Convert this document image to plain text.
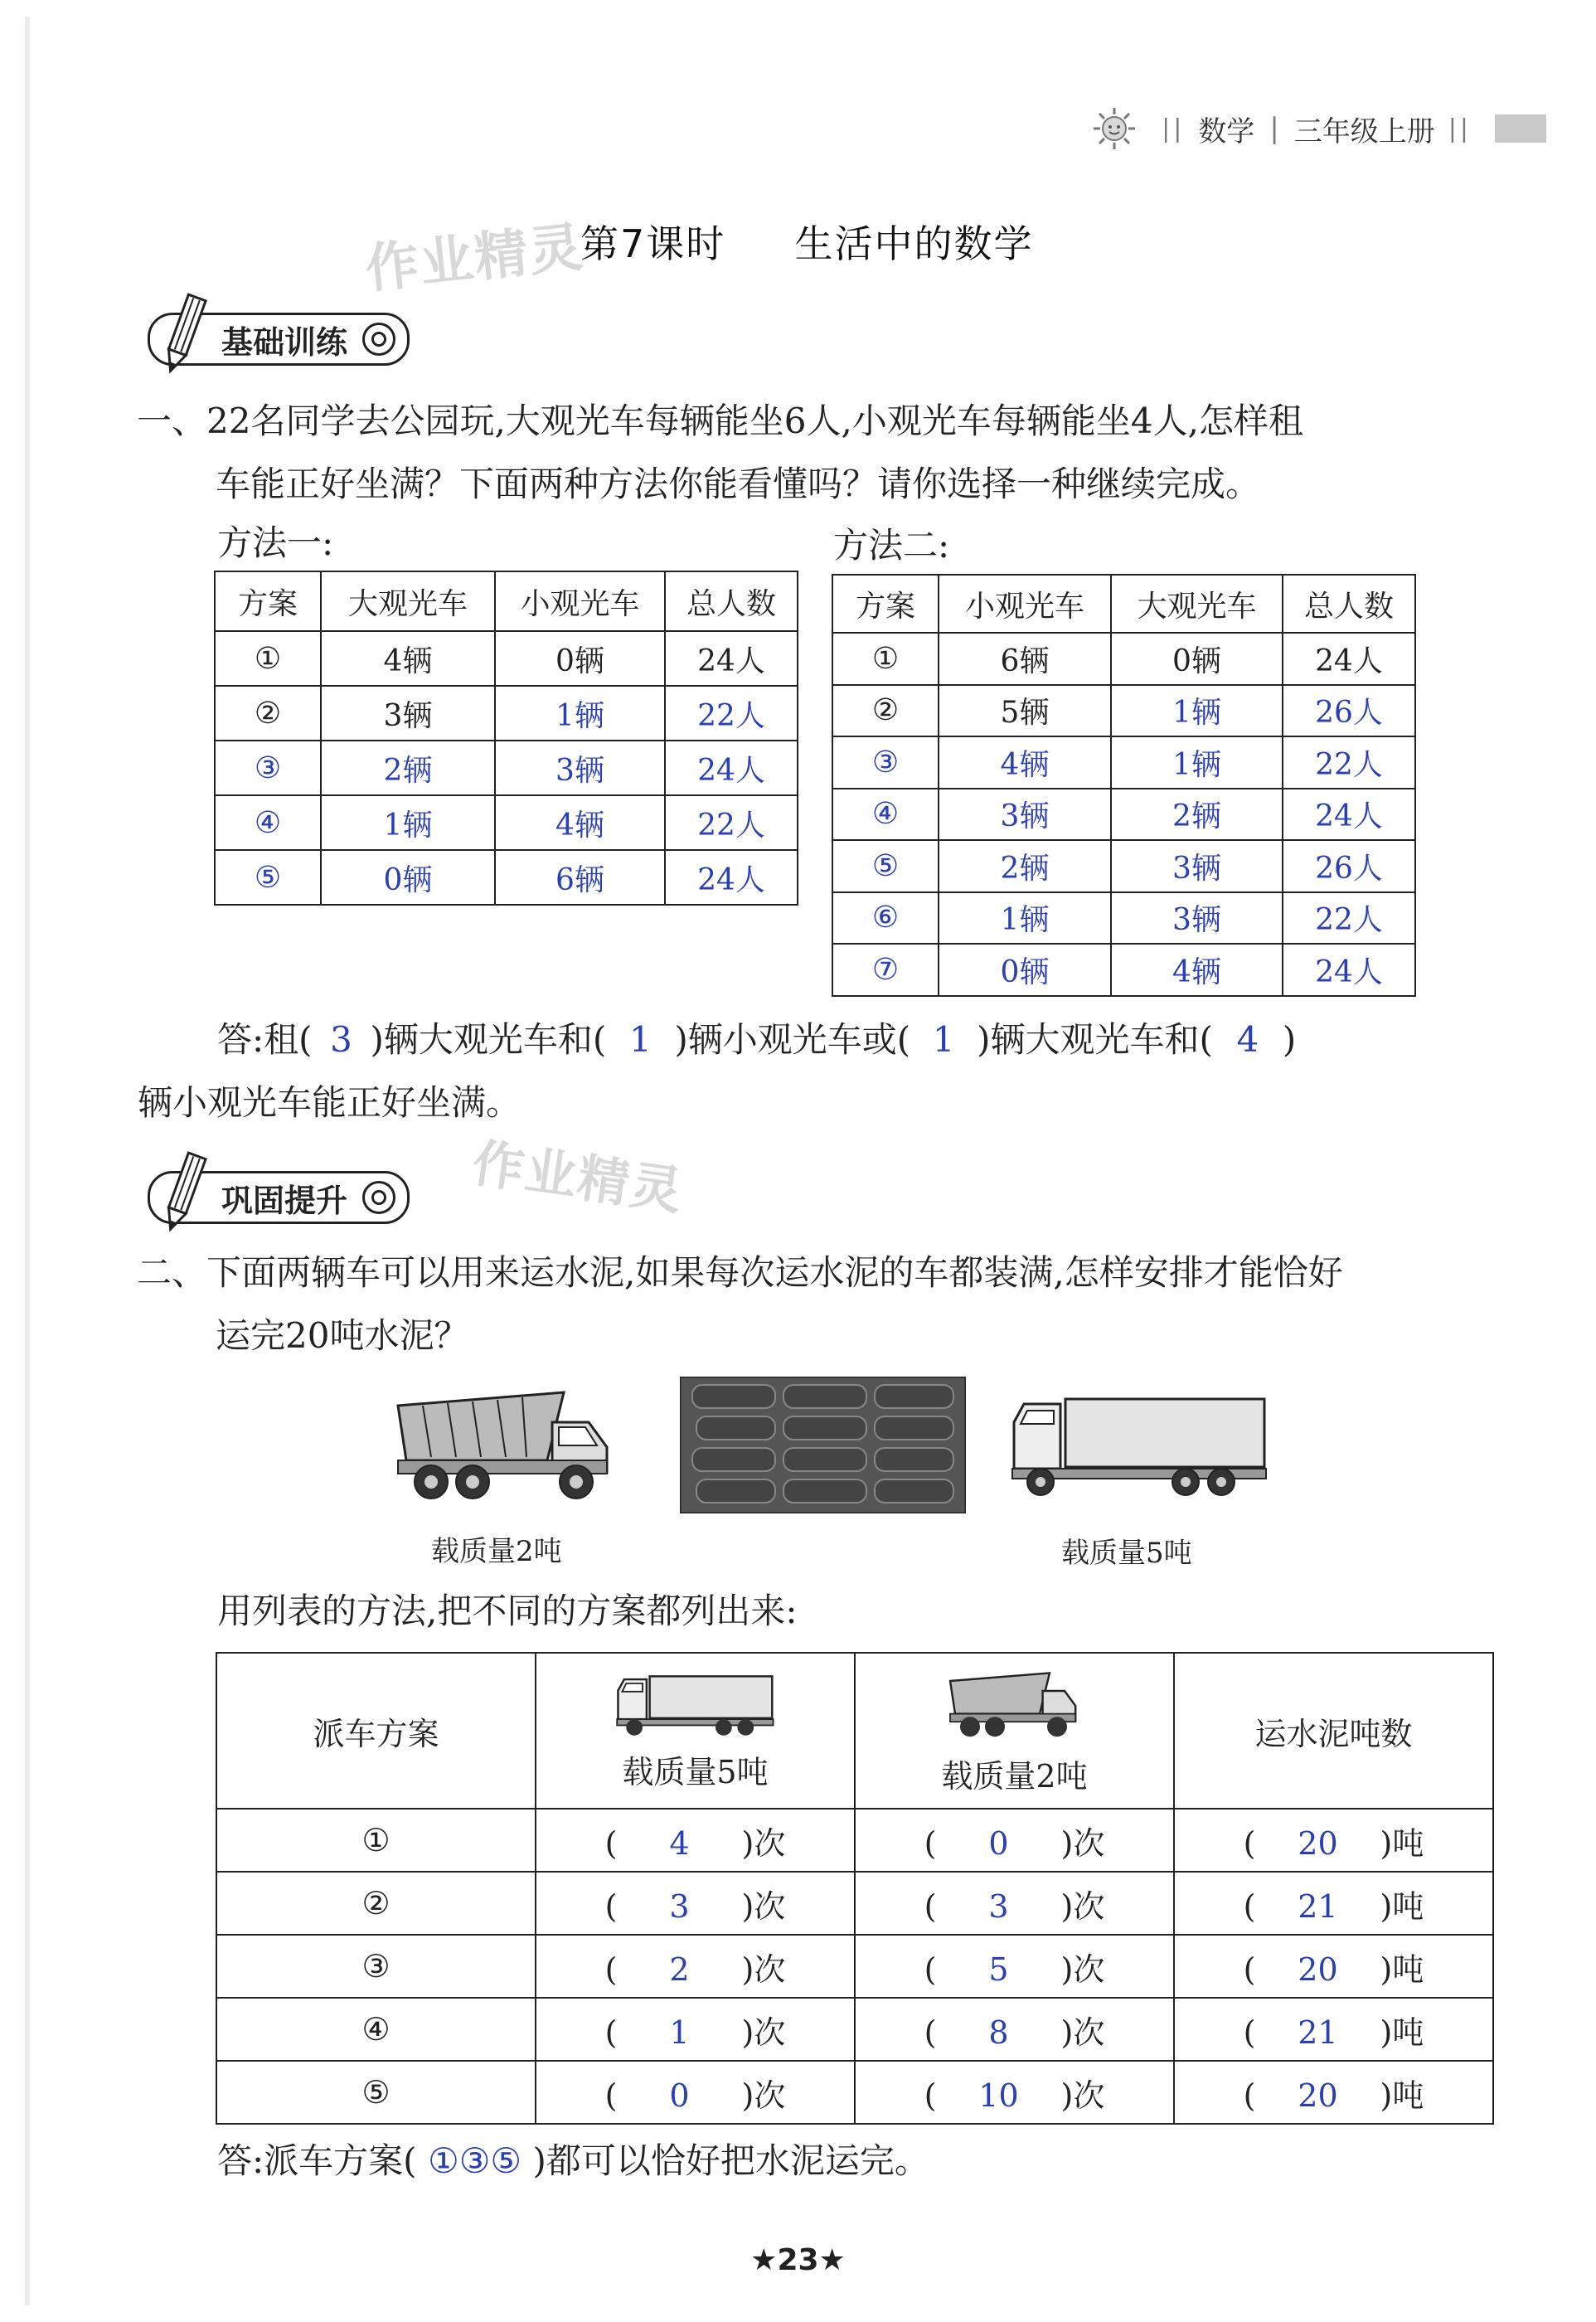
|| 数学 | 三年级上册 ||
作业精灵
作业精灵
第7课时 生活中的数学
基础训练
一、22名同学去公园玩,大观光车每辆能坐6人,小观光车每辆能坐4人,怎样租
车能正好坐满？下面两种方法你能看懂吗？请你选择一种继续完成。
方法一:	方法二:
方案	大观光车	小观光车	总人数
①	4辆	0辆	24人
②	3辆	1辆	22人
③	2辆	3辆	24人
④	1辆	4辆	22人
⑤	0辆	6辆	24人
方案	小观光车	大观光车	总人数
①	6辆	0辆	24人
②	5辆	1辆	26人
③	4辆	1辆	22人
④	3辆	2辆	24人
⑤	2辆	3辆	26人
⑥	1辆	3辆	22人
⑦	0辆	4辆	24人
答:租( 3 )辆大观光车和( 1 )辆小观光车或( 1 )辆大观光车和( 4 )
辆小观光车能正好坐满。
巩固提升
二、下面两辆车可以用来运水泥,如果每次运水泥的车都装满,怎样安排才能恰好
运完20吨水泥？
载质量2吨	载质量5吨
用列表的方法,把不同的方案都列出来:
派车方案	载质量5吨	载质量2吨	运水泥吨数
①	( 4 )次	( 0 )次	( 20 )吨
②	( 3 )次	( 3 )次	( 21 )吨
③	( 2 )次	( 5 )次	( 20 )吨
④	( 1 )次	( 8 )次	( 21 )吨
⑤	( 0 )次	( 10 )次	( 20 )吨
答:派车方案( ①③⑤ )都可以恰好把水泥运完。
★23★
